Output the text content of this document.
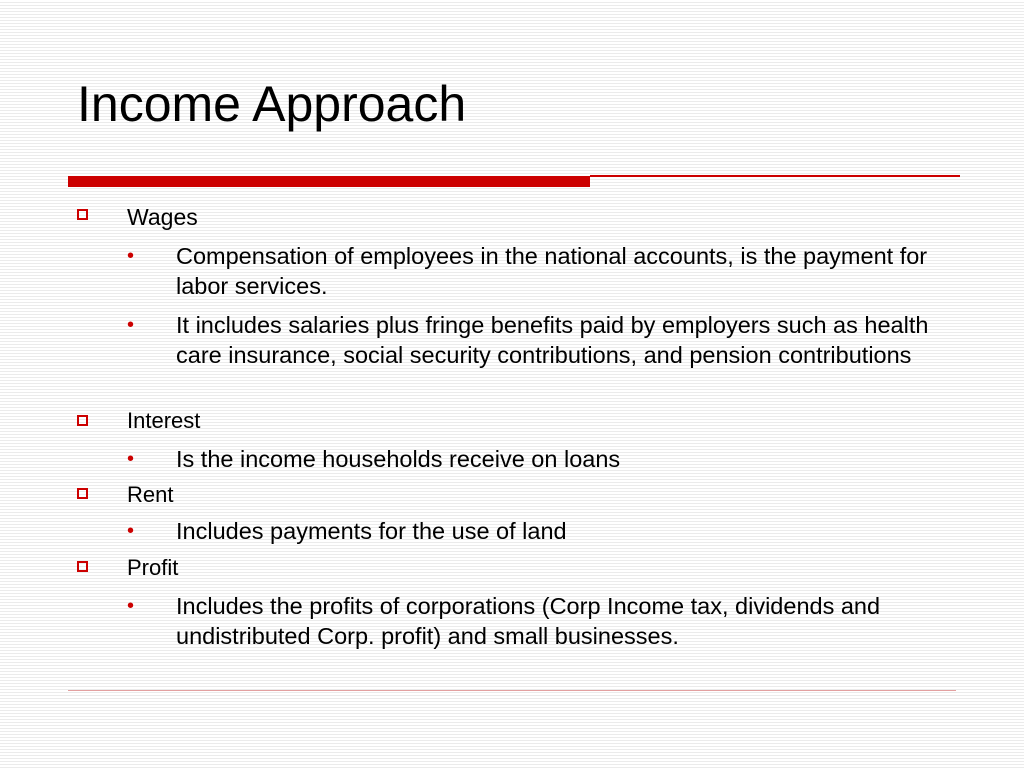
Income Approach
Wages
• Compensation of employees in the national accounts, is the payment for labor services.
• It includes salaries plus fringe benefits paid by employers such as health care insurance, social security contributions, and pension contributions
Interest
• Is the income households receive on loans
Rent
• Includes payments for the use of land
Profit
• Includes the profits of corporations (Corp Income tax, dividends and undistributed Corp. profit) and small businesses.
